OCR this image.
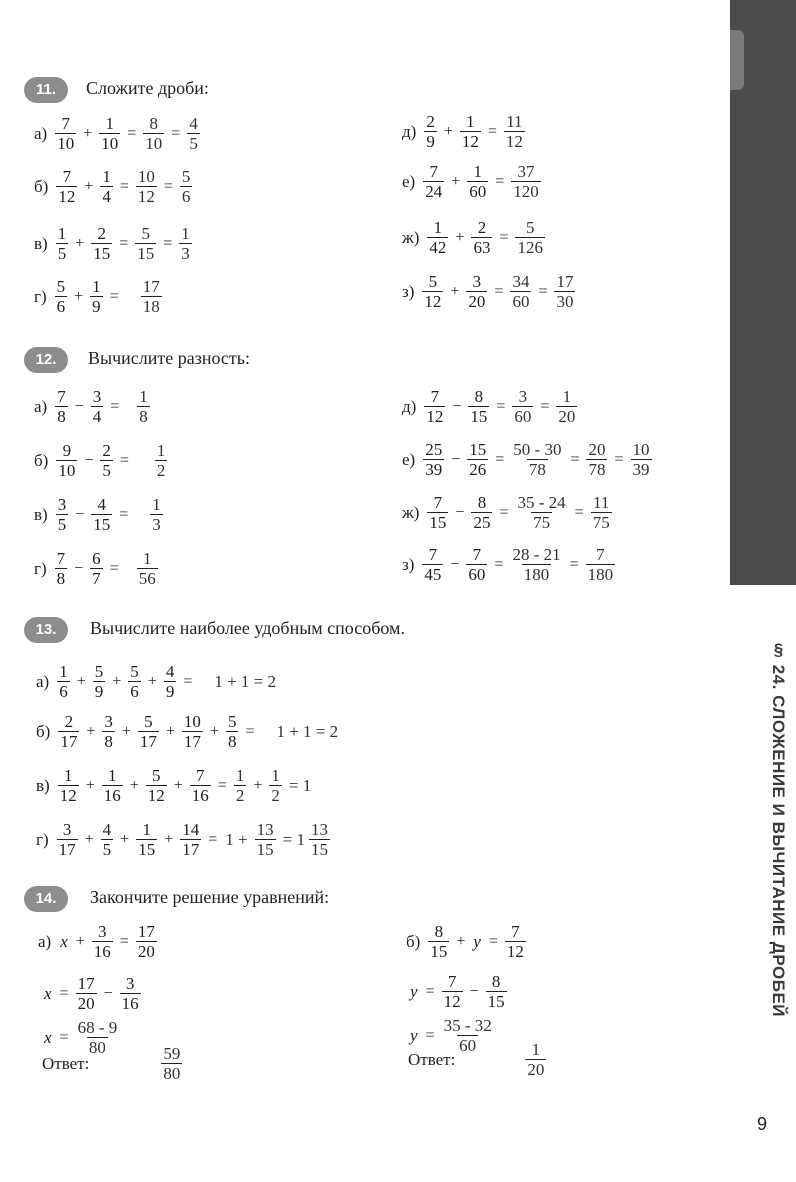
§ 24. СЛОЖЕНИЕ И ВЫЧИТАНИЕ ДРОБЕЙ
9
11.	Сложите дроби:
$а) \frac{7}{10} + \frac{1}{10} = \frac{8}{10} = \frac{4}{5}$
$б) \frac{7}{12} + \frac{1}{4} = \frac{10}{12} = \frac{5}{6}$
$в) \frac{1}{5} + \frac{2}{15} = \frac{5}{15} = \frac{1}{3}$
$г) \frac{5}{6} + \frac{1}{9} = \frac{17}{18}$
$д) \frac{2}{9} + \frac{1}{12} = \frac{11}{12}$
$е) \frac{7}{24} + \frac{1}{60} = \frac{37}{120}$
$ж) \frac{1}{42} + \frac{2}{63} = \frac{5}{126}$
$з) \frac{5}{12} + \frac{3}{20} = \frac{34}{60} = \frac{17}{30}$
12.	Вычислите разность:
$а) \frac{7}{8} - \frac{3}{4} = \frac{1}{8}$
$б) \frac{9}{10} - \frac{2}{5} = \frac{1}{2}$
$в) \frac{3}{5} - \frac{4}{15} = \frac{1}{3}$
$г) \frac{7}{8} - \frac{6}{7} = \frac{1}{56}$
$д) \frac{7}{12} - \frac{8}{15} = \frac{3}{60} = \frac{1}{20}$
$е) \frac{25}{39} - \frac{15}{26} = \frac{50 - 30}{78} = \frac{20}{78} = \frac{10}{39}$
$ж) \frac{7}{15} - \frac{8}{25} = \frac{35 - 24}{75} = \frac{11}{75}$
$з) \frac{7}{45} - \frac{7}{60} = \frac{28 - 21}{180} = \frac{7}{180}$
13.	Вычислите наиболее удобным способом.
$а) \frac{1}{6} + \frac{5}{9} + \frac{5}{6} + \frac{4}{9} = 1 + 1 = 2$
$б) \frac{2}{17} + \frac{3}{8} + \frac{5}{17} + \frac{10}{17} + \frac{5}{8} = 1 + 1 = 2$
$в) \frac{1}{12} + \frac{1}{16} + \frac{5}{12} + \frac{7}{16} = \frac{1}{2} + \frac{1}{2} = 1$
$г) \frac{3}{17} + \frac{4}{5} + \frac{1}{15} + \frac{14}{17} = 1 + \frac{13}{15} = 1 \frac{13}{15}$
14.	Закончите решение уравнений:
а) $x + \frac{3}{16} = \frac{17}{20}$
$x = \frac{17}{20} - \frac{3}{16}$
$x = \frac{68 - 9}{80}$
Ответ:	$\frac{59}{80}$
$б) \frac{8}{15} + y = \frac{7}{12}$
$y = \frac{7}{12} - \frac{8}{15}$
$y = \frac{35 - 32}{60}$
Ответ:	$\frac{1}{20}$
